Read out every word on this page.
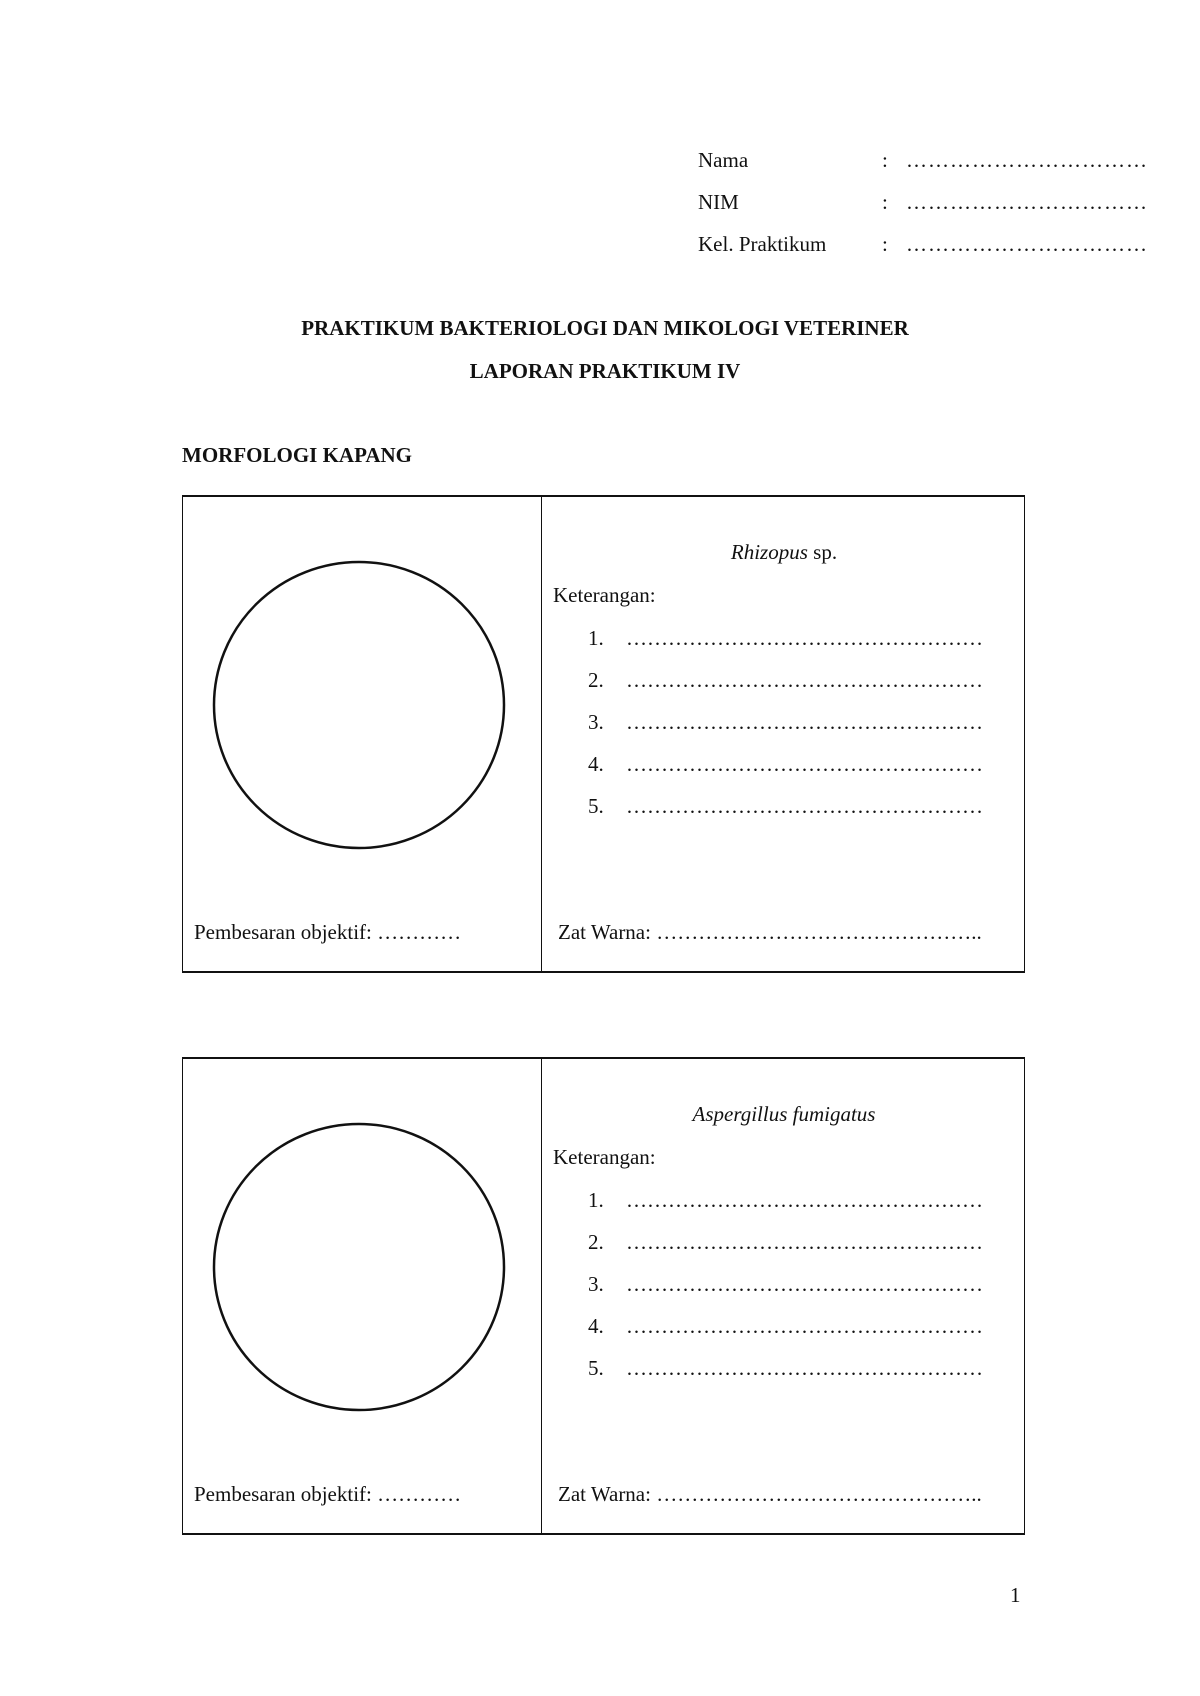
Nama	: ……………………………
NIM	: ……………………………
Kel. Praktikum	: ……………………………
PRAKTIKUM BAKTERIOLOGI DAN MIKOLOGI VETERINER
LAPORAN PRAKTIKUM IV
MORFOLOGI KAPANG
Pembesaran objektif: …………
Rhizopus sp.
Keterangan:
1. ……………………………………………
2. ……………………………………………
3. ……………………………………………
4. ……………………………………………
5. ……………………………………………
Zat Warna: ………………………………………..
Pembesaran objektif: …………
Aspergillus fumigatus
Keterangan:
1. ……………………………………………
2. ……………………………………………
3. ……………………………………………
4. ……………………………………………
5. ……………………………………………
Zat Warna: ………………………………………..
1
